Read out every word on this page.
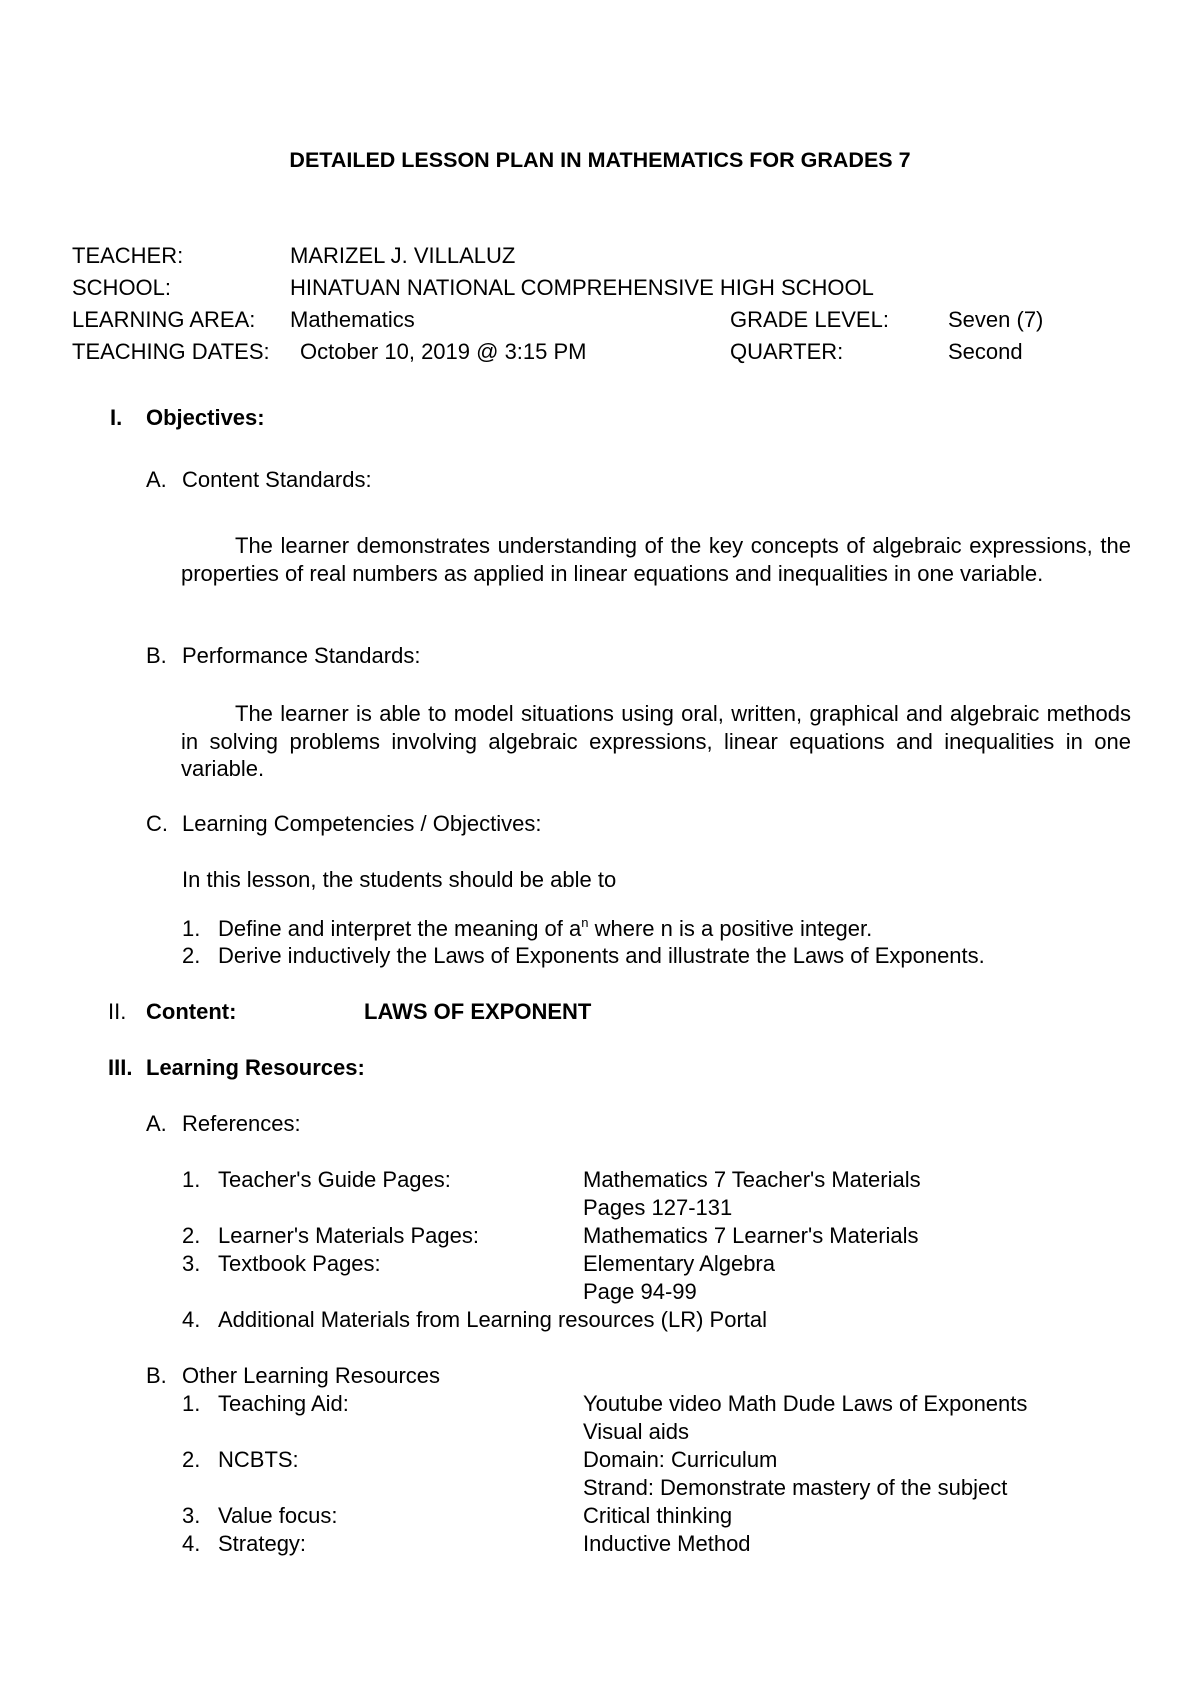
DETAILED LESSON PLAN IN MATHEMATICS FOR GRADES 7
TEACHER:	MARIZEL J. VILLALUZ
SCHOOL:	HINATUAN NATIONAL COMPREHENSIVE HIGH SCHOOL
LEARNING AREA: Mathematics	GRADE LEVEL:	Seven (7)
TEACHING DATES: October 10, 2019 @ 3:15 PM	QUARTER:	Second
I. Objectives:
A. Content Standards:
The learner demonstrates understanding of the key concepts of algebraic expressions, the properties of real numbers as applied in linear equations and inequalities in one variable.
B. Performance Standards:
The learner is able to model situations using oral, written, graphical and algebraic methods in solving problems involving algebraic expressions, linear equations and inequalities in one variable.
C. Learning Competencies / Objectives:
In this lesson, the students should be able to
1. Define and interpret the meaning of $a^n$ where n is a positive integer.
2. Derive inductively the Laws of Exponents and illustrate the Laws of Exponents.
II. Content:	LAWS OF EXPONENT
III. Learning Resources:
A. References:
1. Teacher's Guide Pages:	Mathematics 7 Teacher's Materials
Pages 127-131
2. Learner's Materials Pages:	Mathematics 7 Learner's Materials
3. Textbook Pages:	Elementary Algebra
Page 94-99
4. Additional Materials from Learning resources (LR) Portal
B. Other Learning Resources
1. Teaching Aid:	Youtube video Math Dude Laws of Exponents
Visual aids
2. NCBTS:	Domain: Curriculum
Strand: Demonstrate mastery of the subject
3. Value focus:	Critical thinking
4. Strategy:	Inductive Method
